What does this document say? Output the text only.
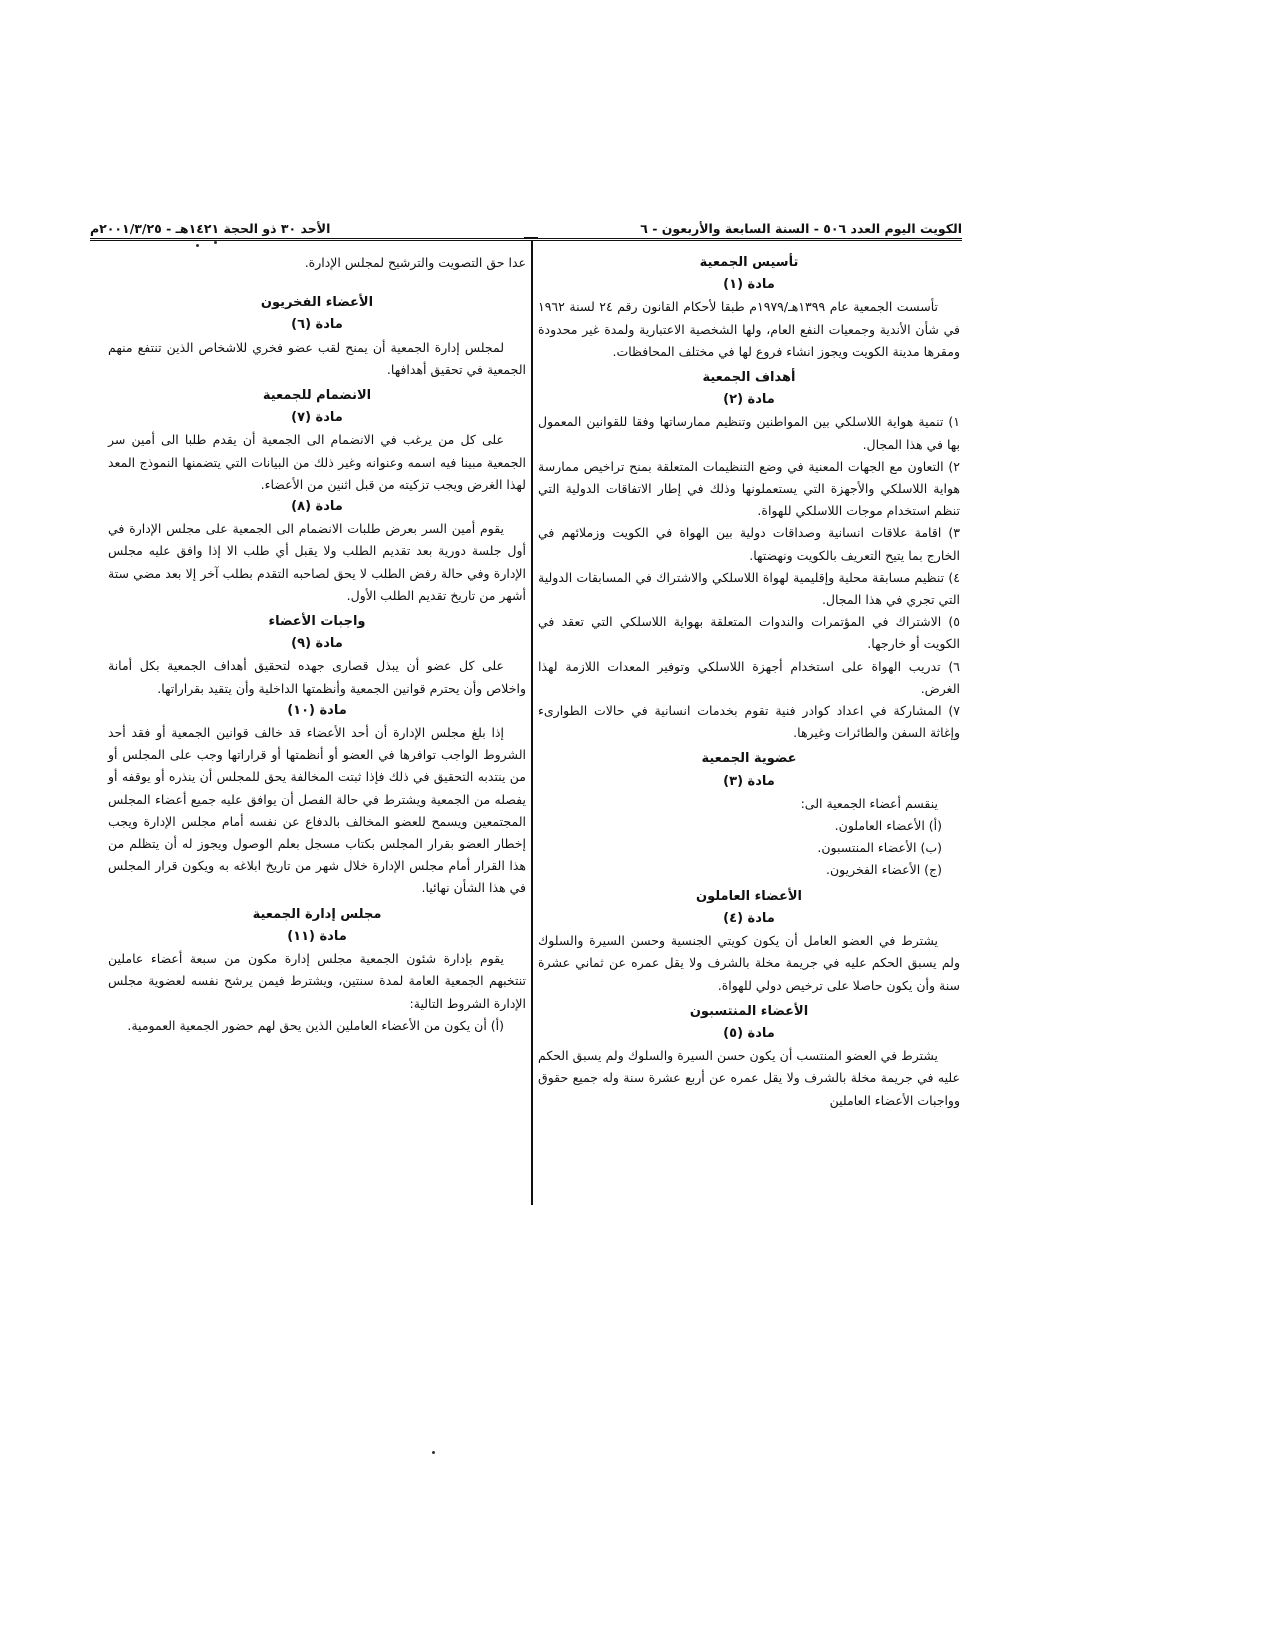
الكويت اليوم العدد ٥٠٦ - السنة السابعة والأربعون - ٦
الأحد ٣٠ ذو الحجة ١٤٢١هـ - ٢٠٠١/٣/٢٥م
تأسيس الجمعية
مادة (١)

تأسست الجمعية عام ١٣٩٩هـ/١٩٧٩م طبقا لأحكام القانون رقم ٢٤ لسنة ١٩٦٢ في شأن الأندية وجمعيات النفع العام، ولها الشخصية الاعتبارية ولمدة غير محدودة ومقرها مدينة الكويت ويجوز انشاء فروع لها في مختلف المحافظات.

أهداف الجمعية
مادة (٢)

١) تنمية هواية اللاسلكي بين المواطنين وتنظيم ممارساتها وفقا للقوانين المعمول بها في هذا المجال.

٢) التعاون مع الجهات المعنية في وضع التنظيمات المتعلقة بمنح تراخيص ممارسة هواية اللاسلكي والأجهزة التي يستعملونها وذلك في إطار الاتفاقات الدولية التي تنظم استخدام موجات اللاسلكي للهواة.

٣) اقامة علاقات انسانية وصداقات دولية بين الهواة في الكويت وزملائهم في الخارج بما يتيح التعريف بالكويت ونهضتها.

٤) تنظيم مسابقة محلية وإقليمية لهواة اللاسلكي والاشتراك في المسابقات الدولية التي تجري في هذا المجال.

٥) الاشتراك في المؤتمرات والندوات المتعلقة بهواية اللاسلكي التي تعقد في الكويت أو خارجها.

٦) تدريب الهواة على استخدام أجهزة اللاسلكي وتوفير المعدات اللازمة لهذا الغرض.

٧) المشاركة في اعداد كوادر فنية تقوم بخدمات انسانية في حالات الطوارىء وإغاثة السفن والطائرات وغيرها.

عضوية الجمعية
مادة (٣)

ينقسم أعضاء الجمعية الى:

(أ) الأعضاء العاملون.

(ب) الأعضاء المنتسبون.

(ج) الأعضاء الفخريون.

الأعضاء العاملون
مادة (٤)

يشترط في العضو العامل أن يكون كويتي الجنسية وحسن السيرة والسلوك ولم يسبق الحكم عليه في جريمة مخلة بالشرف ولا يقل عمره عن ثماني عشرة سنة وأن يكون حاصلا على ترخيص دولي للهواة.

الأعضاء المنتسبون
مادة (٥)

يشترط في العضو المنتسب أن يكون حسن السيرة والسلوك ولم يسبق الحكم عليه في جريمة مخلة بالشرف ولا يقل عمره عن أربع عشرة سنة وله جميع حقوق وواجبات الأعضاء العاملين

عدا حق التصويت والترشيح لمجلس الإدارة.

الأعضاء الفخريون
مادة (٦)

لمجلس إدارة الجمعية أن يمنح لقب عضو فخري للاشخاص الذين تنتفع منهم الجمعية في تحقيق أهدافها.

الانضمام للجمعية
مادة (٧)

على كل من يرغب في الانضمام الى الجمعية أن يقدم طلبا الى أمين سر الجمعية مبينا فيه اسمه وعنوانه وغير ذلك من البيانات التي يتضمنها النموذج المعد لهذا الغرض ويجب تزكيته من قبل اثنين من الأعضاء.

مادة (٨)

يقوم أمين السر بعرض طلبات الانضمام الى الجمعية على مجلس الإدارة في أول جلسة دورية بعد تقديم الطلب ولا يقبل أي طلب الا إذا وافق عليه مجلس الإدارة وفي حالة رفض الطلب لا يحق لصاحبه التقدم بطلب آخر إلا بعد مضي ستة أشهر من تاريخ تقديم الطلب الأول.

واجبات الأعضاء
مادة (٩)

على كل عضو أن يبذل قصارى جهده لتحقيق أهداف الجمعية بكل أمانة واخلاص وأن يحترم قوانين الجمعية وأنظمتها الداخلية وأن يتقيد بقراراتها.

مادة (١٠)

إذا بلغ مجلس الإدارة أن أحد الأعضاء قد خالف قوانين الجمعية أو فقد أحد الشروط الواجب توافرها في العضو أو أنظمتها أو قراراتها وجب على المجلس أو من ينتدبه التحقيق في ذلك فإذا ثبتت المخالفة يحق للمجلس أن ينذره أو يوقفه أو يفصله من الجمعية ويشترط في حالة الفصل أن يوافق عليه جميع أعضاء المجلس المجتمعين ويسمح للعضو المخالف بالدفاع عن نفسه أمام مجلس الإدارة ويجب إخطار العضو بقرار المجلس بكتاب مسجل بعلم الوصول ويجوز له أن يتظلم من هذا القرار أمام مجلس الإدارة خلال شهر من تاريخ ابلاغه به ويكون قرار المجلس في هذا الشأن نهائيا.

مجلس إدارة الجمعية
مادة (١١)

يقوم بإدارة شئون الجمعية مجلس إدارة مكون من سبعة أعضاء عاملين تنتخبهم الجمعية العامة لمدة سنتين، ويشترط فيمن يرشح نفسه لعضوية مجلس الإدارة الشروط التالية:

(أ) أن يكون من الأعضاء العاملين الذين يحق لهم حضور الجمعية العمومية.
